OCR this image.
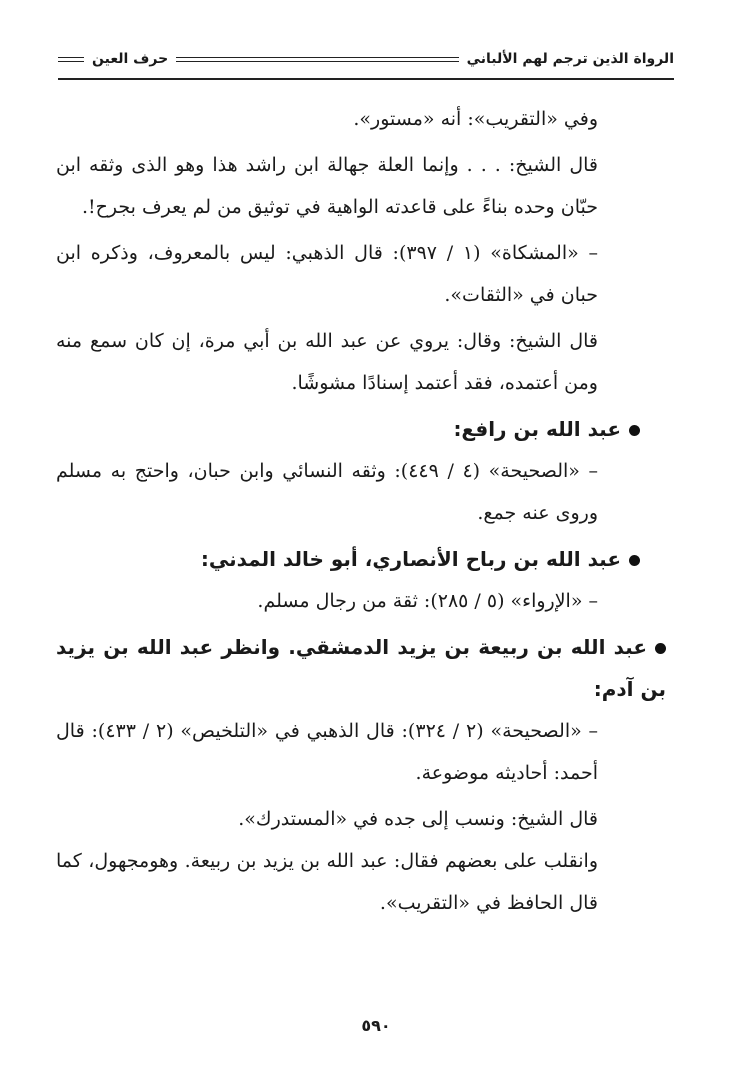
الرواة الذين ترجم لهم الألباني
حرف العين

وفي «التقريب»: أنه «مستور».

قال الشيخ: . . . وإنما العلة جهالة ابن راشد هذا وهو الذى وثقه ابن حبّان وحده بناءً على قاعدته الواهية في توثيق من لم يعرف بجرح!.

– «المشكاة» (١ / ٣٩٧): قال الذهبي: ليس بالمعروف، وذكره ابن حبان في «الثقات».

قال الشيخ: وقال: يروي عن عبد الله بن أبي مرة، إن كان سمع منه ومن أعتمده، فقد أعتمد إسنادًا مشوشًا.

عبد الله بن رافع:

– «الصحيحة» (٤ / ٤٤٩): وثقه النسائي وابن حبان، واحتج به مسلم وروى عنه جمع.

عبد الله بن رباح الأنصاري، أبو خالد المدني:

– «الإرواء» (٥ / ٢٨٥): ثقة من رجال مسلم.

عبد الله بن ربيعة بن يزيد الدمشقي. وانظر عبد الله بن يزيد بن آدم:

– «الصحيحة» (٢ / ٣٢٤): قال الذهبي في «التلخيص» (٢ / ٤٣٣): قال أحمد: أحاديثه موضوعة.

قال الشيخ: ونسب إلى جده في «المستدرك».

وانقلب على بعضهم فقال: عبد الله بن يزيد بن ربيعة. وهومجهول، كما قال الحافظ في «التقريب».

٥٩٠
